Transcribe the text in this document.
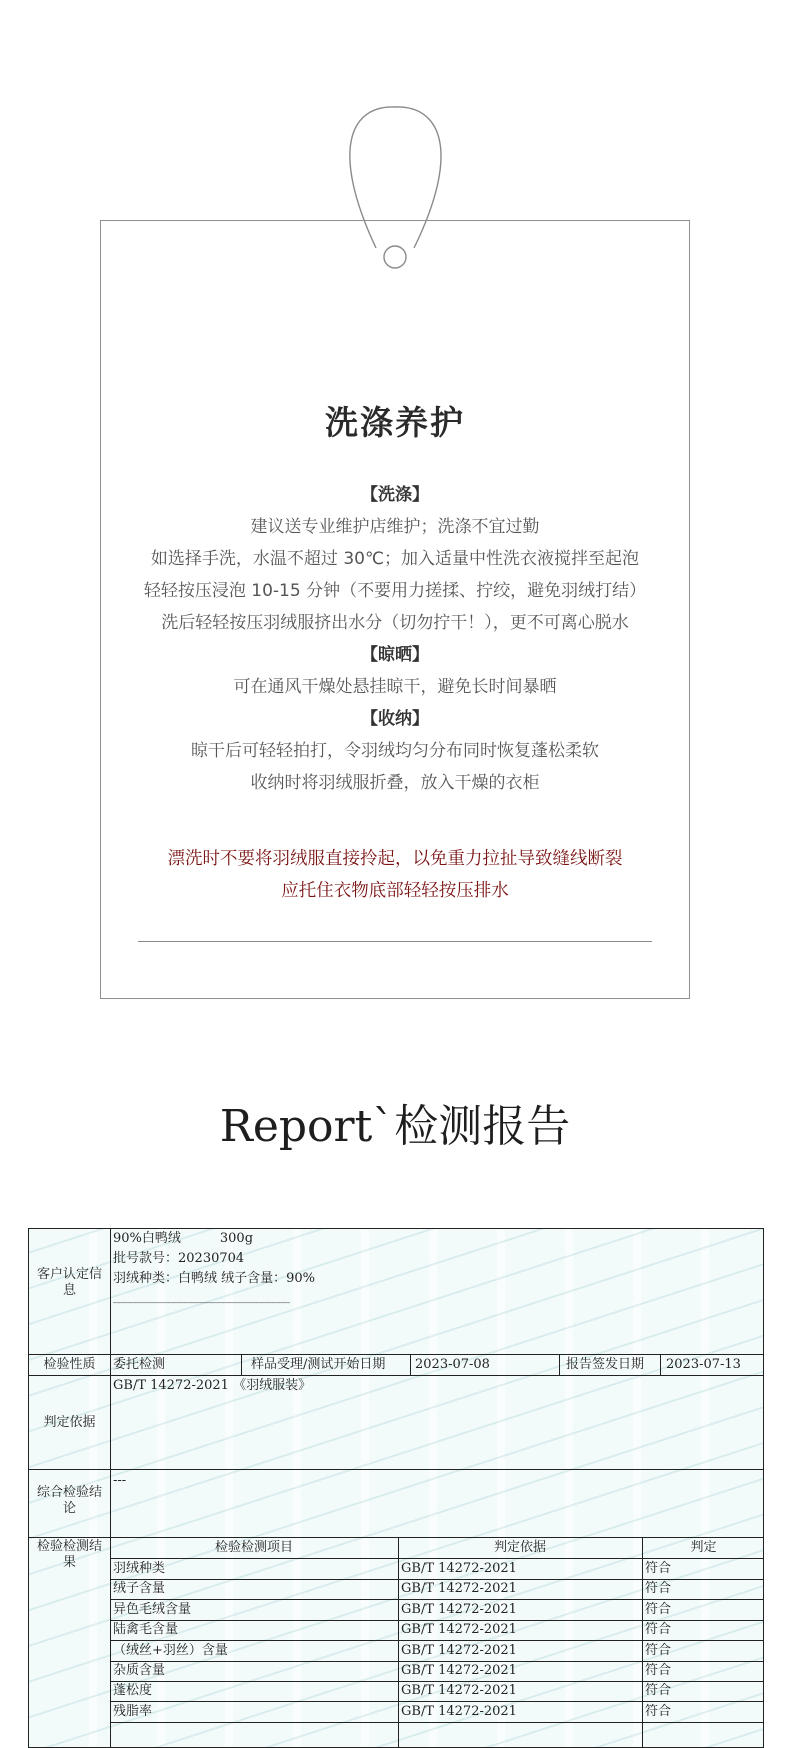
洗涤养护
【洗涤】
建议送专业维护店维护；洗涤不宜过勤
如选择手洗，水温不超过 30℃；加入适量中性洗衣液搅拌至起泡
轻轻按压浸泡 10-15 分钟（不要用力搓揉、拧绞，避免羽绒打结）
洗后轻轻按压羽绒服挤出水分（切勿拧干！），更不可离心脱水
【晾晒】
可在通风干燥处悬挂晾干，避免长时间暴晒
【收纳】
晾干后可轻轻拍打，令羽绒均匀分布同时恢复蓬松柔软
收纳时将羽绒服折叠，放入干燥的衣柜
漂洗时不要将羽绒服直接拎起，以免重力拉扯导致缝线断裂
应托住衣物底部轻轻按压排水
Report`检测报告
客户认定信息
90%白鸭绒　　　300g
批号款号：20230704
羽绒种类：白鸭绒 绒子含量：90%
________________________________
检验性质	委托检测	样品受理/测试开始日期 2023-07-08	报告签发日期 2023-07-13
判定依据
GB/T 14272-2021 《羽绒服装》
综合检验结论
---
检验检测结果
检验检测项目	判定依据	判定
羽绒种类	GB/T 14272-2021	符合
绒子含量	GB/T 14272-2021	符合
异色毛绒含量	GB/T 14272-2021	符合
陆禽毛含量	GB/T 14272-2021	符合
（绒丝+羽丝）含量	GB/T 14272-2021	符合
杂质含量	GB/T 14272-2021	符合
蓬松度	GB/T 14272-2021	符合
残脂率	GB/T 14272-2021	符合
